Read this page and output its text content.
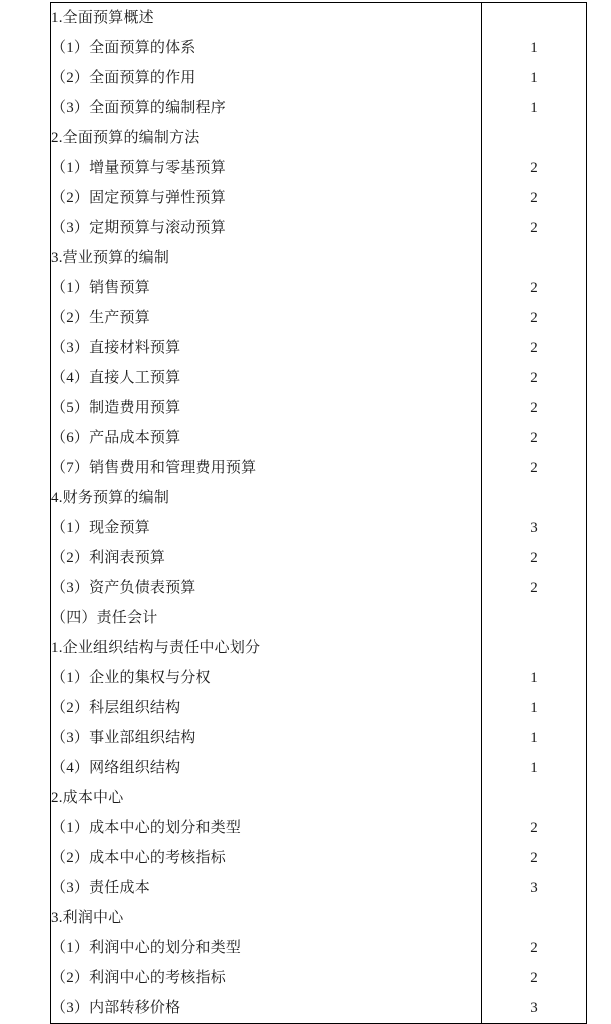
1.全面预算概述	
（1）全面预算的体系	1
（2）全面预算的作用	1
（3）全面预算的编制程序	1
2.全面预算的编制方法	
（1）增量预算与零基预算	2
（2）固定预算与弹性预算	2
（3）定期预算与滚动预算	2
3.营业预算的编制	
（1）销售预算	2
（2）生产预算	2
（3）直接材料预算	2
（4）直接人工预算	2
（5）制造费用预算	2
（6）产品成本预算	2
（7）销售费用和管理费用预算	2
4.财务预算的编制	
（1）现金预算	3
（2）利润表预算	2
（3）资产负债表预算	2
（四）责任会计	
1.企业组织结构与责任中心划分	
（1）企业的集权与分权	1
（2）科层组织结构	1
（3）事业部组织结构	1
（4）网络组织结构	1
2.成本中心	
（1）成本中心的划分和类型	2
（2）成本中心的考核指标	2
（3）责任成本	3
3.利润中心	
（1）利润中心的划分和类型	2
（2）利润中心的考核指标	2
（3）内部转移价格	3
